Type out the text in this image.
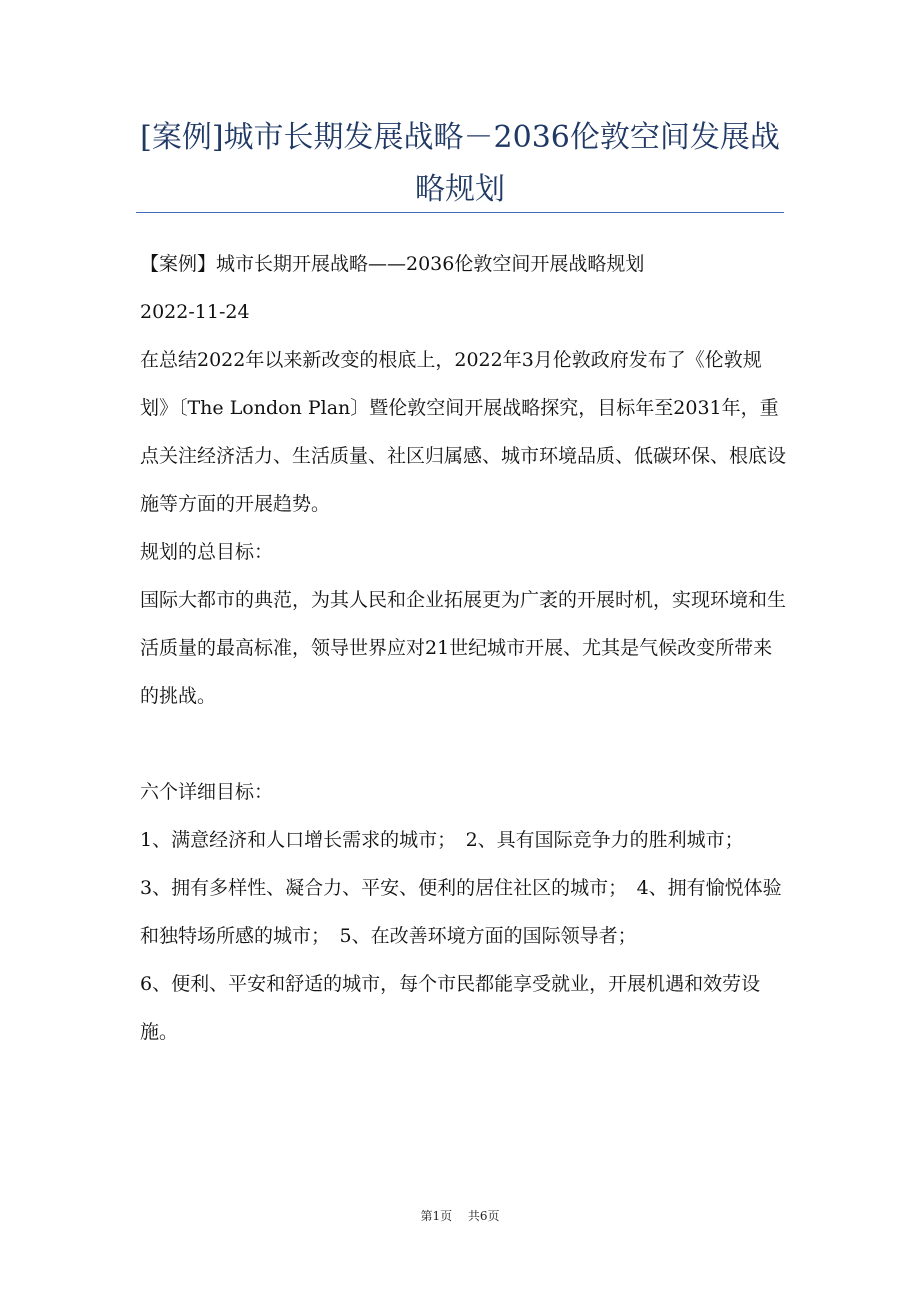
[案例]城市长期发展战略－2036伦敦空间发展战略规划

【案例】城市长期开展战略——2036伦敦空间开展战略规划

2022-11-24

在总结2022年以来新改变的根底上，2022年3月伦敦政府发布了《伦敦规划》〔The London Plan〕暨伦敦空间开展战略探究，目标年至2031年，重点关注经济活力、生活质量、社区归属感、城市环境品质、低碳环保、根底设施等方面的开展趋势。

规划的总目标：

国际大都市的典范，为其人民和企业拓展更为广袤的开展时机，实现环境和生活质量的最高标准，领导世界应对21世纪城市开展、尤其是气候改变所带来的挑战。

六个详细目标：

1、满意经济和人口增长需求的城市；　2、具有国际竞争力的胜利城市；

3、拥有多样性、凝合力、平安、便利的居住社区的城市；　4、拥有愉悦体验和独特场所感的城市；　5、在改善环境方面的国际领导者；

6、便利、平安和舒适的城市，每个市民都能享受就业，开展机遇和效劳设施。

第1页　 共6页
